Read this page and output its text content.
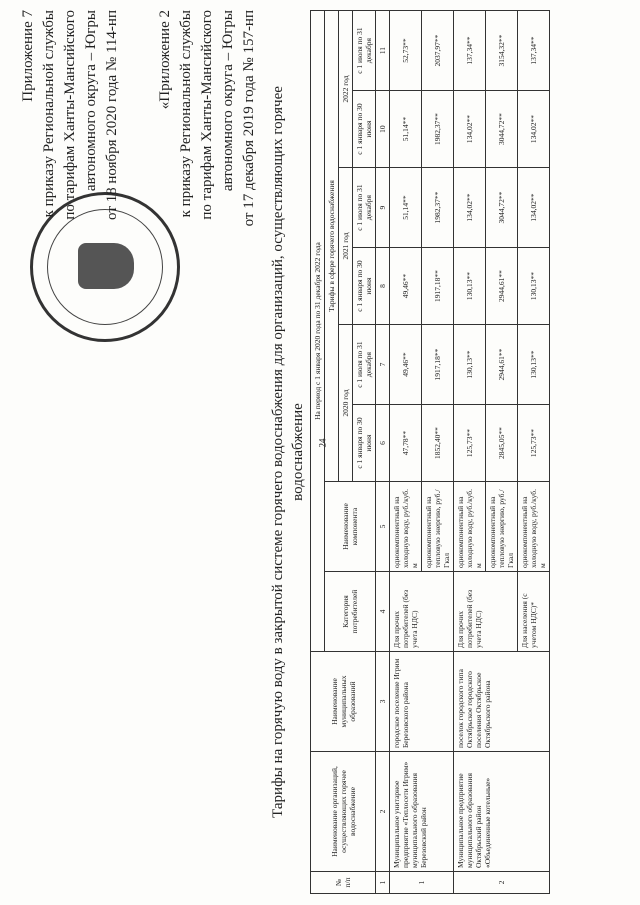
24
Приложение 7 к приказу Региональной службы по тарифам Ханты-Мансийского автономного округа – Югры от 18 ноября 2020 года № 114-нп «Приложение 2 к приказу Региональной службы по тарифам Ханты-Мансийского автономного округа – Югры от 17 декабря 2019 года № 157-нп Тарифы на горячую воду в закрытой системе горячего водоснабжения для организаций, осуществляющих горячее водоснабжение
№ п/п	Наименование организаций, осуществляющих горячее водоснабжение	Наименование муниципальных образований	На период с 1 января 2020 года по 31 декабря 2022 года							
			Категория потребителей	Наименование компонента	Тарифы в сфере горячего водоснабжения					
					2020 год		2021 год		2022 год	
					с 1 января по 30 июня	с 1 июля по 31 декабря	с 1 января по 30 июня	с 1 июля по 31 декабря	с 1 января по 30 июня	с 1 июля по 31 декабря
1	2	3	4	5	6	7	8	9	10	11
1	Муниципальное унитарное предприятие «Теплосети Игрим» муниципального образования Березовский район	городское поселение Игрим Березовского района	Для прочих потребителей (без учета НДС)	однокомпонентный на холодную воду, руб./куб. м	47,78**	49,46**	49,46**	51,14**	51,14**	52,73**
				однокомпонентный на тепловую энергию, руб./Гкал	1852,40**	1917,18**	1917,18**	1982,37**	1982,37**	2037,97**
2	Муниципальное предприятие муниципального образования Октябрьский район «Объединенные котельные»	поселок городского типа Октябрьское городского поселения Октябрьское Октябрьского района	Для прочих потребителей (без учета НДС)	однокомпонентный на холодную воду, руб./куб. м	125,73**	130,13**	130,13**	134,02**	134,02**	137,34**
				однокомпонентный на тепловую энергию, руб./Гкал	2845,05**	2944,61**	2944,61**	3044,72**	3044,72**	3154,32**
			Для населения (с учетом НДС)*	однокомпонентный на холодную воду, руб./куб. м	125,73**	130,13**	130,13**	134,02**	134,02**	137,34**
